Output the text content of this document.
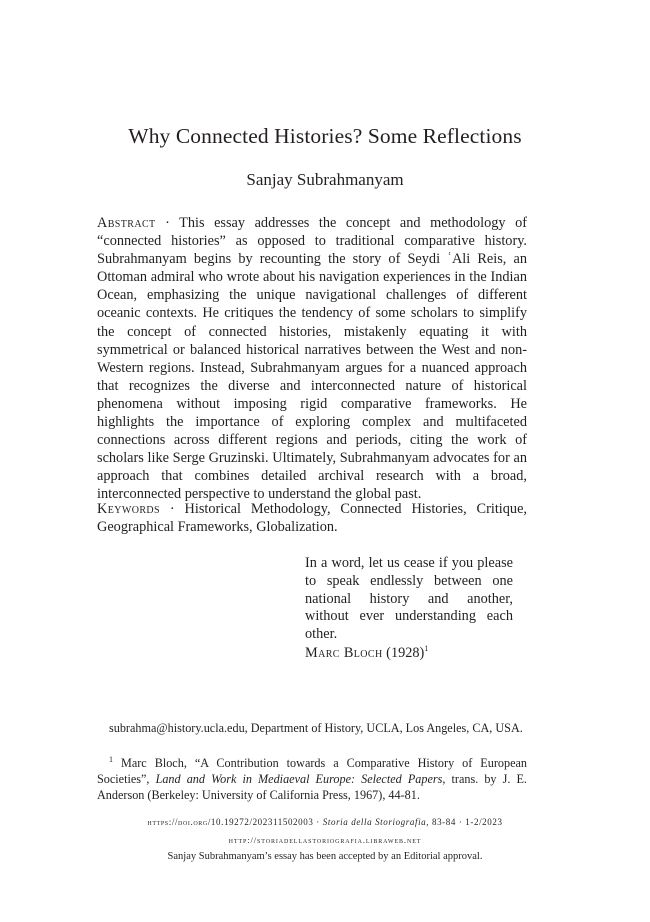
Why Connected Histories? Some Reflections

Sanjay Subrahmanyam

Abstract · This essay addresses the concept and methodology of “connected histories” as opposed to traditional comparative history. Subrahmanyam begins by recounting the story of Seydi ʿAli Reis, an Ottoman admiral who wrote about his navigation experiences in the Indian Ocean, emphasizing the unique navigational challenges of different oceanic contexts. He critiques the tendency of some scholars to simplify the concept of connected histories, mistakenly equating it with symmetrical or balanced historical narratives between the West and non-Western regions. Instead, Subrahmanyam argues for a nuanced approach that recognizes the diverse and interconnected nature of historical phenomena without imposing rigid comparative frameworks. He highlights the importance of exploring complex and multifaceted connections across different regions and periods, citing the work of scholars like Serge Gruzinski. Ultimately, Subrahmanyam advocates for an approach that combines detailed archival research with a broad, interconnected perspective to understand the global past.

Keywords · Historical Methodology, Connected Histories, Critique, Geographical Frameworks, Globalization.

In a word, let us cease if you please to speak endlessly between one national history and another, without ever understanding each other.

Marc Bloch $(1928)^1$

subrahma@history.ucla.edu, Department of History, UCLA, Los Angeles, CA, USA.

$^1$ Marc Bloch, “A Contribution towards a Comparative History of European Societies”, Land and Work in Mediaeval Europe: Selected Papers, trans. by J. E. Anderson (Berkeley: University of California Press, 1967), 44-81.

https://doi.org/10.19272/202311502003 · Storia della Storiografia, 83-84 · 1-2/2023

http://storiadellastoriografia.libraweb.net

Sanjay Subrahmanyam’s essay has been accepted by an Editorial approval.
